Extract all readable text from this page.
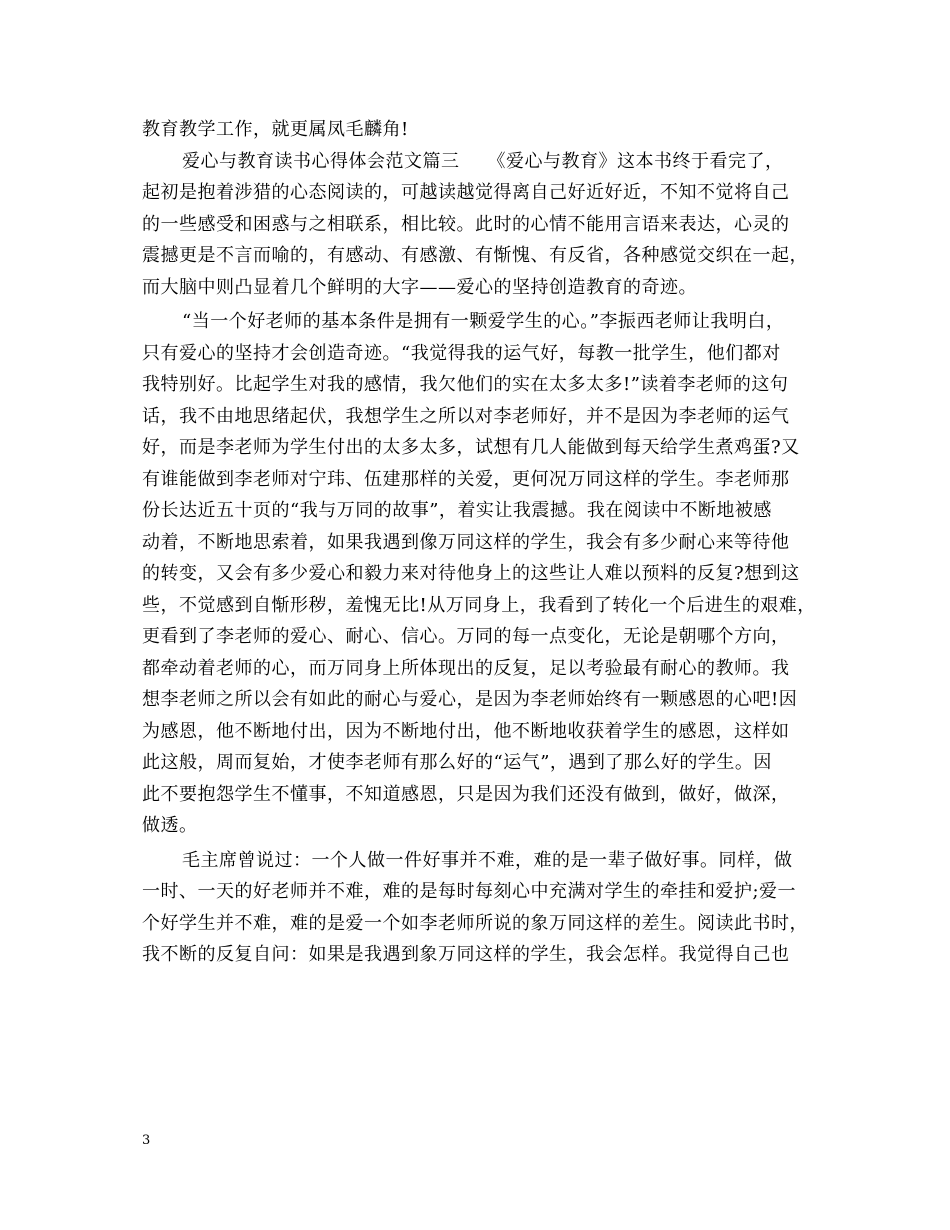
教育教学工作，就更属凤毛麟角!
爱心与教育读书心得体会范文篇三　　《爱心与教育》这本书终于看完了，
起初是抱着涉猎的心态阅读的，可越读越觉得离自己好近好近，不知不觉将自己
的一些感受和困惑与之相联系，相比较。此时的心情不能用言语来表达，心灵的
震撼更是不言而喻的，有感动、有感激、有惭愧、有反省，各种感觉交织在一起，
而大脑中则凸显着几个鲜明的大字——爱心的坚持创造教育的奇迹。
“当一个好老师的基本条件是拥有一颗爱学生的心。”李振西老师让我明白，
只有爱心的坚持才会创造奇迹。“我觉得我的运气好，每教一批学生，他们都对
我特别好。比起学生对我的感情，我欠他们的实在太多太多!”读着李老师的这句
话，我不由地思绪起伏，我想学生之所以对李老师好，并不是因为李老师的运气
好，而是李老师为学生付出的太多太多，试想有几人能做到每天给学生煮鸡蛋?又
有谁能做到李老师对宁玮、伍建那样的关爱，更何况万同这样的学生。李老师那
份长达近五十页的“我与万同的故事”，着实让我震撼。我在阅读中不断地被感
动着，不断地思索着，如果我遇到像万同这样的学生，我会有多少耐心来等待他
的转变，又会有多少爱心和毅力来对待他身上的这些让人难以预料的反复?想到这
些，不觉感到自惭形秽，羞愧无比!从万同身上，我看到了转化一个后进生的艰难，
更看到了李老师的爱心、耐心、信心。万同的每一点变化，无论是朝哪个方向，
都牵动着老师的心，而万同身上所体现出的反复，足以考验最有耐心的教师。我
想李老师之所以会有如此的耐心与爱心，是因为李老师始终有一颗感恩的心吧!因
为感恩，他不断地付出，因为不断地付出，他不断地收获着学生的感恩，这样如
此这般，周而复始，才使李老师有那么好的“运气”，遇到了那么好的学生。因
此不要抱怨学生不懂事，不知道感恩，只是因为我们还没有做到，做好，做深，
做透。
毛主席曾说过：一个人做一件好事并不难，难的是一辈子做好事。同样，做
一时、一天的好老师并不难，难的是每时每刻心中充满对学生的牵挂和爱护;爱一
个好学生并不难，难的是爱一个如李老师所说的象万同这样的差生。阅读此书时，
我不断的反复自问：如果是我遇到象万同这样的学生，我会怎样。我觉得自己也
3
